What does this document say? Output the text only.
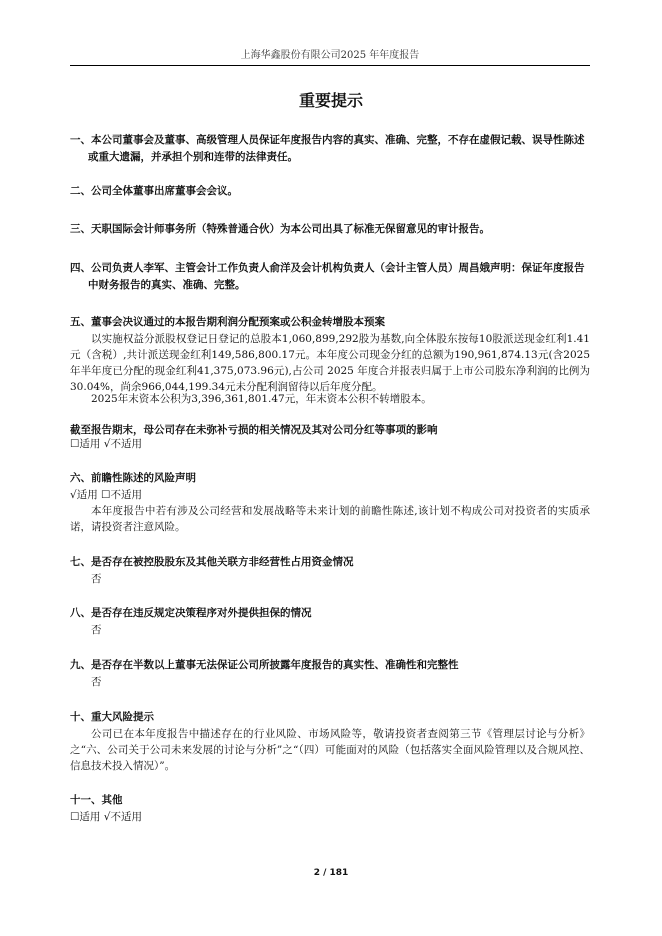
上海华鑫股份有限公司2025 年年度报告
重要提示
一、本公司董事会及董事、高级管理人员保证年度报告内容的真实、准确、完整，不存在虚假记载、误导性陈述或重大遗漏，并承担个别和连带的法律责任。
二、公司全体董事出席董事会会议。
三、天职国际会计师事务所（特殊普通合伙）为本公司出具了标准无保留意见的审计报告。
四、公司负责人李军、主管会计工作负责人俞洋及会计机构负责人（会计主管人员）周昌娥声明：保证年度报告中财务报告的真实、准确、完整。
五、董事会决议通过的本报告期利润分配预案或公积金转增股本预案
以实施权益分派股权登记日登记的总股本1,060,899,292股为基数,向全体股东按每10股派送现金红利1.41元（含税）,共计派送现金红利149,586,800.17元。本年度公司现金分红的总额为190,961,874.13元(含2025年半年度已分配的现金红利41,375,073.96元),占公司 2025 年度合并报表归属于上市公司股东净利润的比例为 30.04%，尚余966,044,199.34元未分配利润留待以后年度分配。
2025年末资本公积为3,396,361,801.47元，年末资本公积不转增股本。
截至报告期末，母公司存在未弥补亏损的相关情况及其对公司分红等事项的影响
☐适用 √不适用
六、前瞻性陈述的风险声明
√适用 ☐不适用
本年度报告中若有涉及公司经营和发展战略等未来计划的前瞻性陈述,该计划不构成公司对投资者的实质承诺，请投资者注意风险。
七、是否存在被控股股东及其他关联方非经营性占用资金情况
否
八、是否存在违反规定决策程序对外提供担保的情况
否
九、是否存在半数以上董事无法保证公司所披露年度报告的真实性、准确性和完整性
否
十、重大风险提示
公司已在本年度报告中描述存在的行业风险、市场风险等，敬请投资者查阅第三节《管理层讨论与分析》之“六、公司关于公司未来发展的讨论与分析”之“（四）可能面对的风险（包括落实全面风险管理以及合规风控、信息技术投入情况）”。
十一、其他
☐适用 √不适用
2 / 181
